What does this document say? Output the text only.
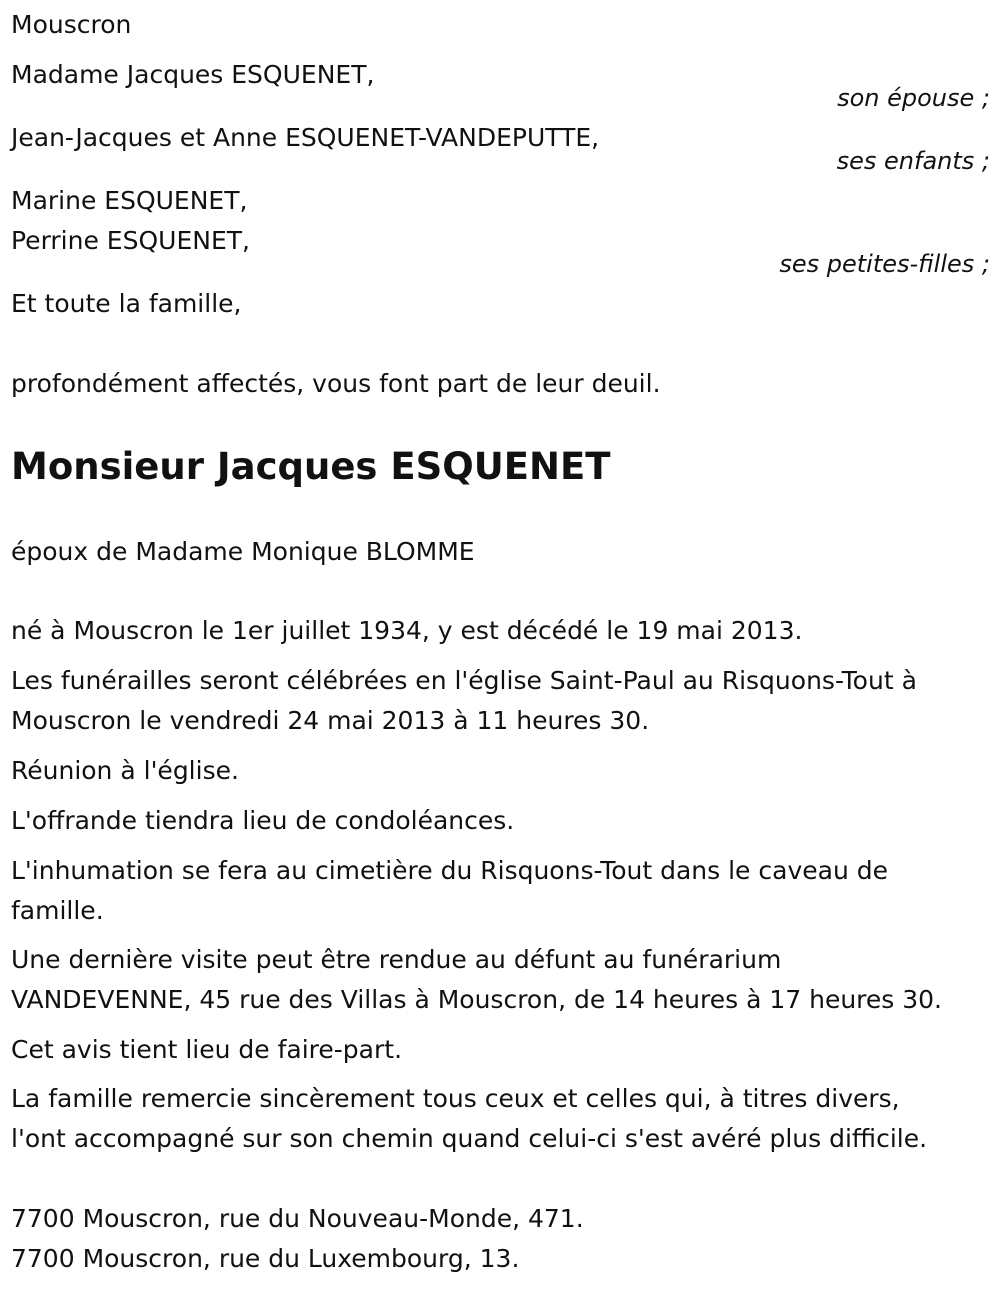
Mouscron

Madame Jacques ESQUENET,

son épouse ;

Jean-Jacques et Anne ESQUENET-VANDEPUTTE,

ses enfants ;

Marine ESQUENET,

Perrine ESQUENET,

ses petites-filles ;

Et toute la famille,

profondément affectés, vous font part de leur deuil.

Monsieur Jacques ESQUENET

époux de Madame Monique BLOMME

né à Mouscron le 1er juillet 1934, y est décédé le 19 mai 2013.

Les funérailles seront célébrées en l'église Saint-Paul au Risquons-Tout à

Mouscron le vendredi 24 mai 2013 à 11 heures 30.

Réunion à l'église.

L'offrande tiendra lieu de condoléances.

L'inhumation se fera au cimetière du Risquons-Tout dans le caveau de

famille.

Une dernière visite peut être rendue au défunt au funérarium

VANDEVENNE, 45 rue des Villas à Mouscron, de 14 heures à 17 heures 30.

Cet avis tient lieu de faire-part.

La famille remercie sincèrement tous ceux et celles qui, à titres divers,

l'ont accompagné sur son chemin quand celui-ci s'est avéré plus difficile.

7700 Mouscron, rue du Nouveau-Monde, 471.

7700 Mouscron, rue du Luxembourg, 13.
